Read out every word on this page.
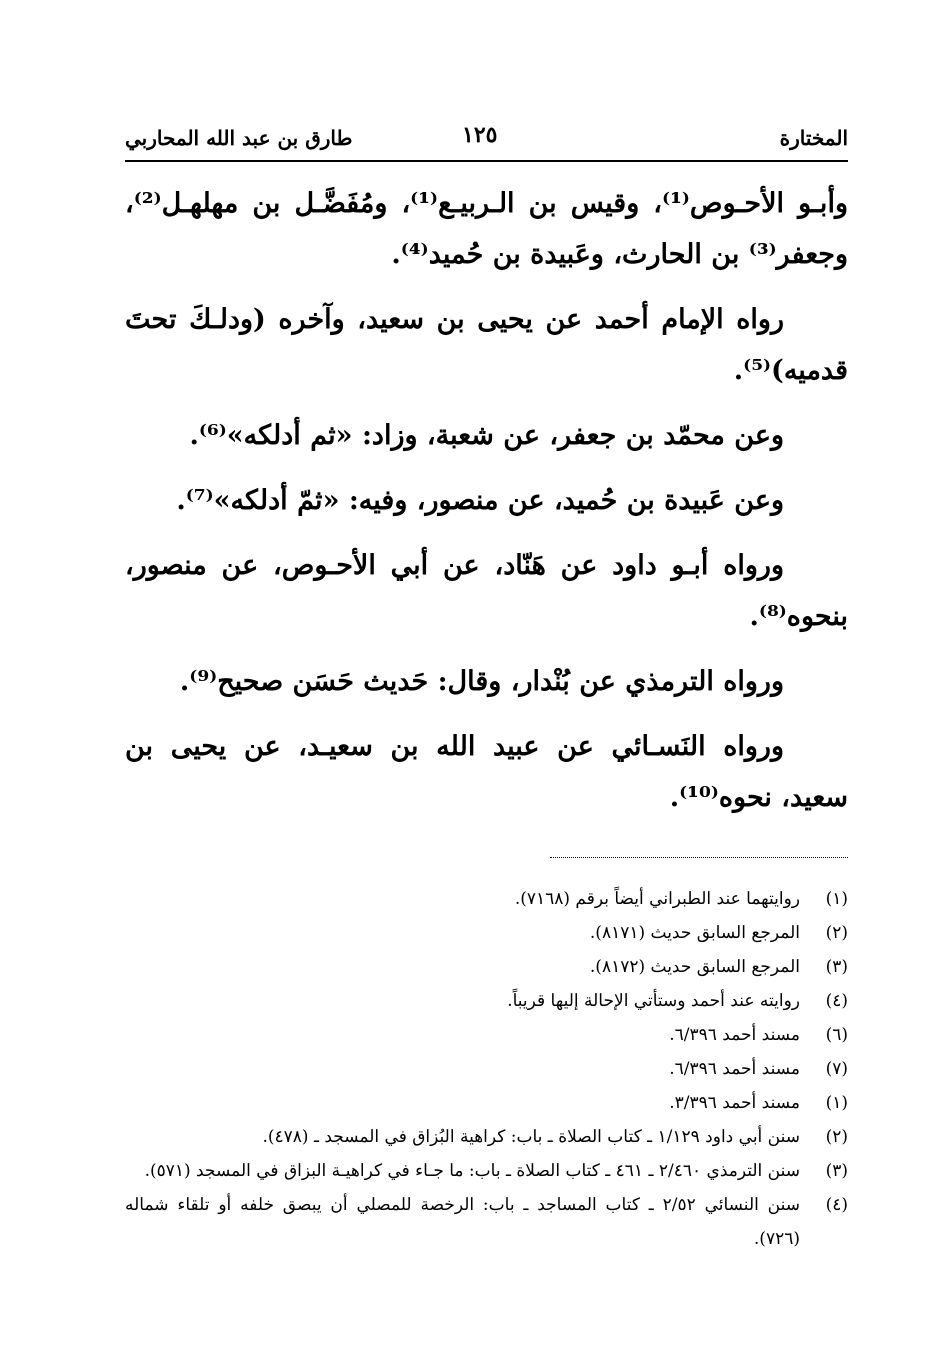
المختارة
١٢٥
طارق بن عبد الله المحاربي

وأبـو الأحـوص⁽¹⁾، وقيس بن الـربيـع⁽¹⁾، ومُفَضَّـل بن مهلهـل⁽²⁾، وجعفر⁽³⁾ بن الحارث، وعَبيدة بن حُميد⁽⁴⁾.

رواه الإمام أحمد عن يحيى بن سعيد، وآخره (ودلـكَ تحتَ قدميه)⁽⁵⁾.

وعن محمّد بن جعفر، عن شعبة، وزاد: «ثم أدلكه»⁽⁶⁾.

وعن عَبيدة بن حُميد، عن منصور، وفيه: «ثمّ أدلكه»⁽⁷⁾.

ورواه أبـو داود عن هَنّاد، عن أبي الأحـوص، عن منصور، بنحوه⁽⁸⁾.

ورواه الترمذي عن بُنْدار، وقال: حَديث حَسَن صحيح⁽⁹⁾.

ورواه النَسـائي عن عبيد الله بن سعيـد، عن يحيى بن سعيد، نحوه⁽¹⁰⁾.

(١)
روايتهما عند الطبراني أيضاً برقم (٧١٦٨).
(٢)
المرجع السابق حديث (٨١٧١).
(٣)
المرجع السابق حديث (٨١٧٢).
(٤)
روايته عند أحمد وستأتي الإحالة إليها قريباً.
(٦)
مسند أحمد ٦/٣٩٦.
(٧)
مسند أحمد ٦/٣٩٦.
(١)
مسند أحمد ٣/٣٩٦.
(٢)
سنن أبي داود ١/١٢٩ ـ كتاب الصلاة ـ باب: كراهية البُزاق في المسجد ـ (٤٧٨).
(٣)
سنن الترمذي ٢/٤٦٠ ـ ٤٦١ ـ كتاب الصلاة ـ باب: ما جـاء في كراهيـة البزاق في المسجد (٥٧١).
(٤)
سنن النسائي ٢/٥٢ ـ كتاب المساجد ـ باب: الرخصة للمصلي أن يبصق خلفه أو تلقاء شماله (٧٢٦).
